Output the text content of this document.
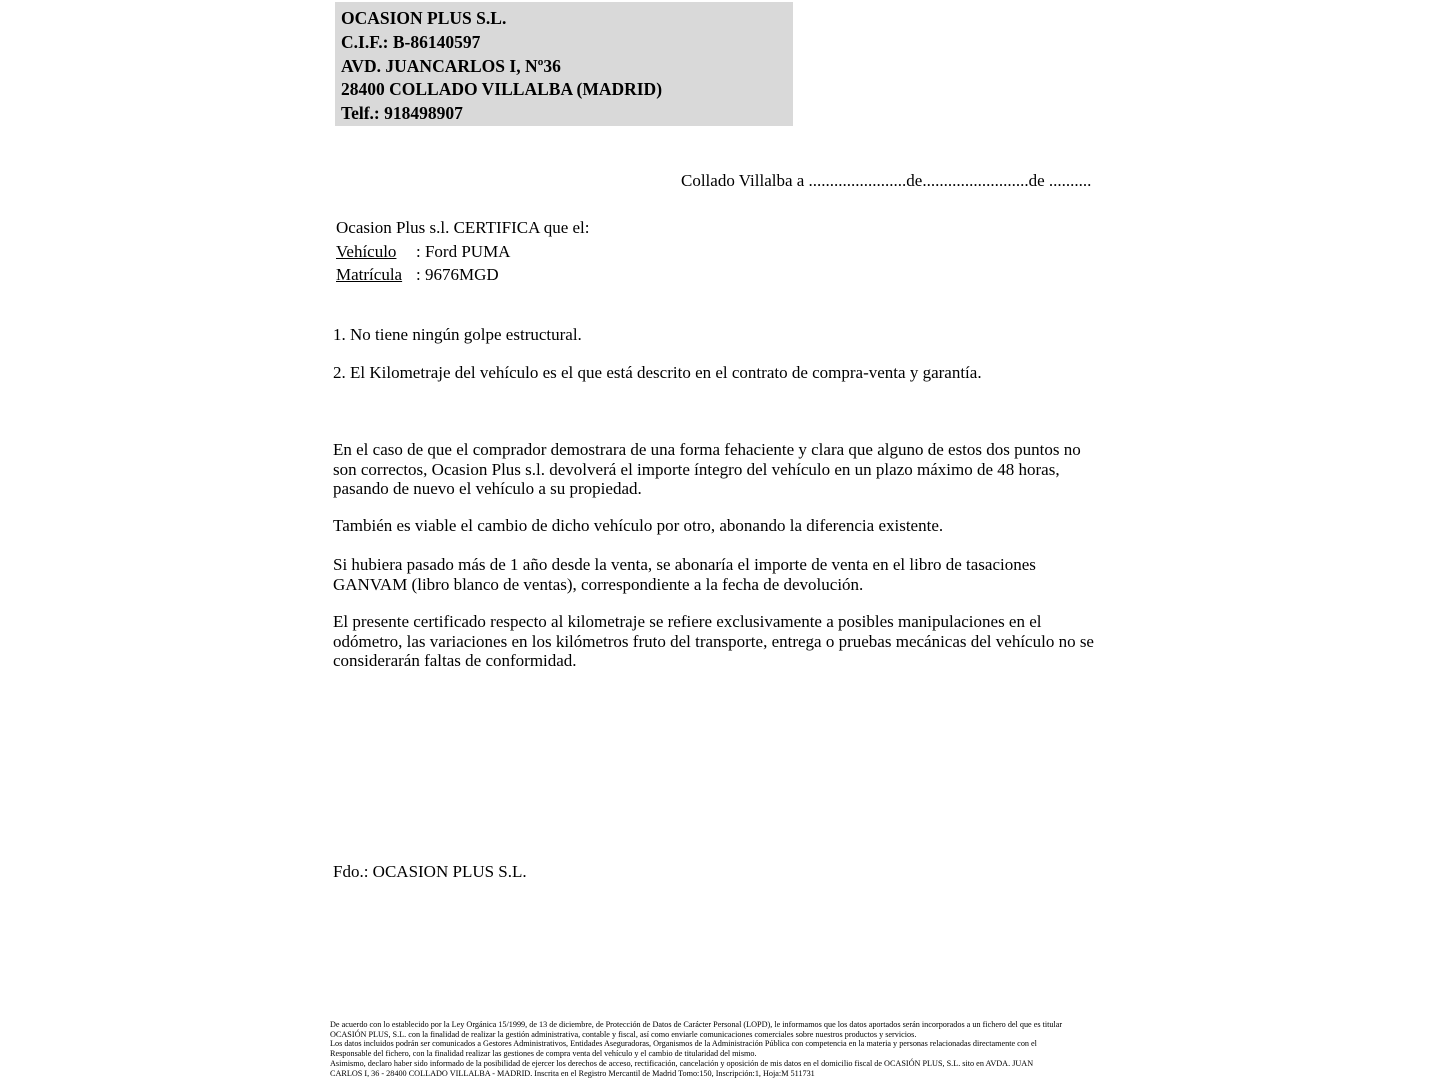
OCASION PLUS S.L.
C.I.F.: B-86140597
AVD. JUANCARLOS I, Nº36
28400 COLLADO VILLALBA (MADRID)
Telf.: 918498907
Collado Villalba a .......................de.........................de ..........
Ocasion Plus s.l. CERTIFICA que el:
Vehículo : Ford PUMA
Matrícula : 9676MGD
1. No tiene ningún golpe estructural.
2. El Kilometraje del vehículo es el que está descrito en el contrato de compra-venta y garantía.
En el caso de que el comprador demostrara de una forma fehaciente y clara que alguno de estos dos puntos no son correctos, Ocasion Plus s.l. devolverá el importe íntegro del vehículo en un plazo máximo de 48 horas, pasando de nuevo el vehículo a su propiedad.
También es viable el cambio de dicho vehículo por otro, abonando la diferencia existente.
Si hubiera pasado más de 1 año desde la venta, se abonaría el importe de venta en el libro de tasaciones GANVAM (libro blanco de ventas), correspondiente a la fecha de devolución.
El presente certificado respecto al kilometraje se refiere exclusivamente a posibles manipulaciones en el odómetro, las variaciones en los kilómetros fruto del transporte, entrega o pruebas mecánicas del vehículo no se considerarán faltas de conformidad.
Fdo.: OCASION PLUS S.L.
De acuerdo con lo establecido por la Ley Orgánica 15/1999, de 13 de diciembre, de Protección de Datos de Carácter Personal (LOPD), le informamos que los datos aportados serán incorporados a un fichero del que es titular
OCASIÓN PLUS, S.L. con la finalidad de realizar la gestión administrativa, contable y fiscal, así como enviarle comunicaciones comerciales sobre nuestros productos y servicios.
Los datos incluidos podrán ser comunicados a Gestores Administrativos, Entidades Aseguradoras, Organismos de la Administración Pública con competencia en la materia y personas relacionadas directamente con el
Responsable del fichero, con la finalidad realizar las gestiones de compra venta del vehículo y el cambio de titularidad del mismo.
Asimismo, declaro haber sido informado de la posibilidad de ejercer los derechos de acceso, rectificación, cancelación y oposición de mis datos en el domicilio fiscal de OCASIÓN PLUS, S.L. sito en AVDA. JUAN
CARLOS I, 36 - 28400 COLLADO VILLALBA - MADRID. Inscrita en el Registro Mercantil de Madrid Tomo:150, Inscripción:1, Hoja:M 511731
